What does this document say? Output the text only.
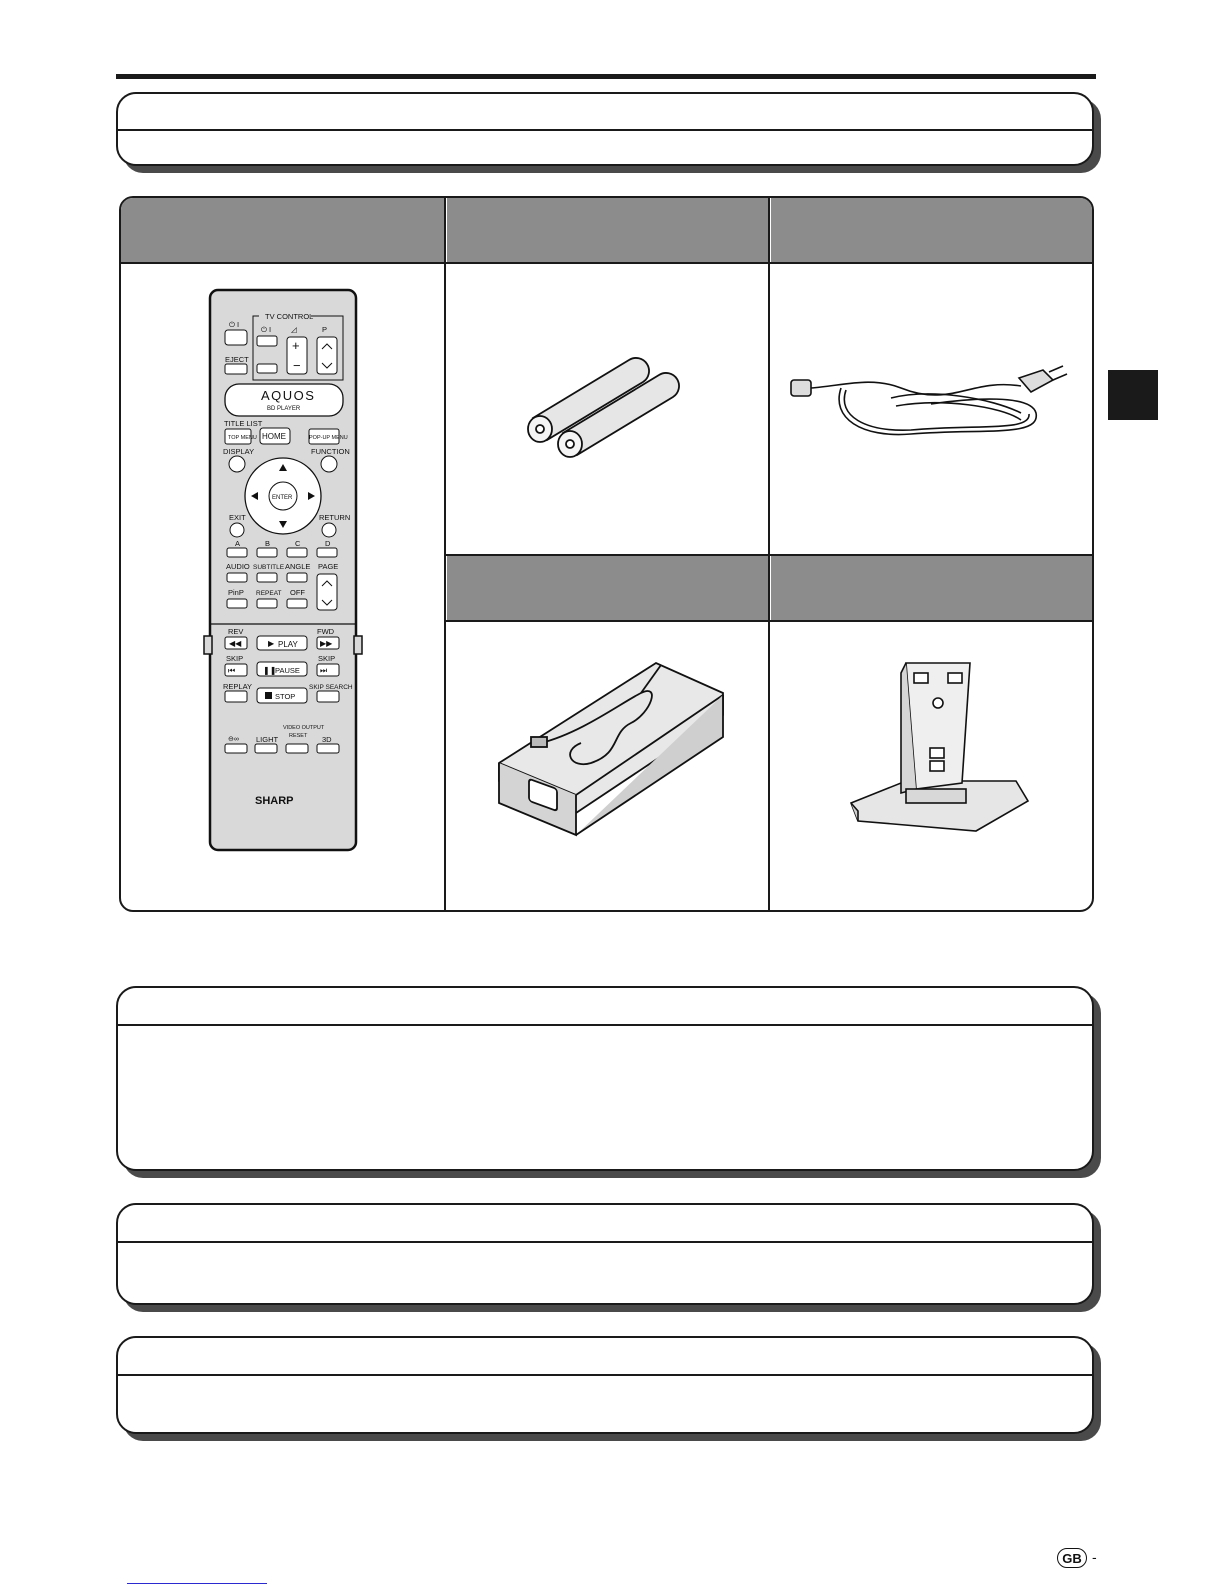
TV CONTROL
⏻ I
⏻ I	◿
+
−
P
EJECT
AQUOS
BD PLAYER
TITLE LIST
TOP MENU HOME	POP-UP MENU
DISPLAY	FUNCTION
ENTER
EXIT	RETURN
A	B	C	D
AUDIO SUBTITLE ANGLE PAGE
PinP REPEAT OFF
REV
◀◀	▶ PLAY
FWD
▶▶
SKIP
⏮	❚❚
PAUSE
SKIP
⏭
REPLAY
STOP
SKIP SEARCH
⊖∞ LIGHT
VIDEO OUTPUT
RESET 3D
SHARP
GB -
